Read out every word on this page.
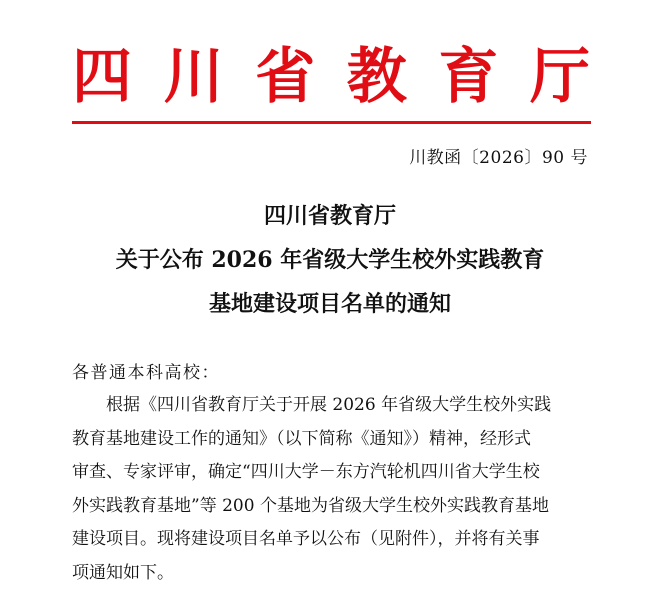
四 川 省 教 育 厅
川教函〔2026〕90 号
四川省教育厅
关于公布 2026 年省级大学生校外实践教育
基地建设项目名单的通知
各普通本科高校：
根据《四川省教育厅关于开展 2026 年省级大学生校外实践
教育基地建设工作的通知》（以下简称《通知》）精神，经形式
审查、专家评审，确定“四川大学－东方汽轮机四川省大学生校
外实践教育基地”等 200 个基地为省级大学生校外实践教育基地
建设项目。现将建设项目名单予以公布（见附件），并将有关事
项通知如下。
